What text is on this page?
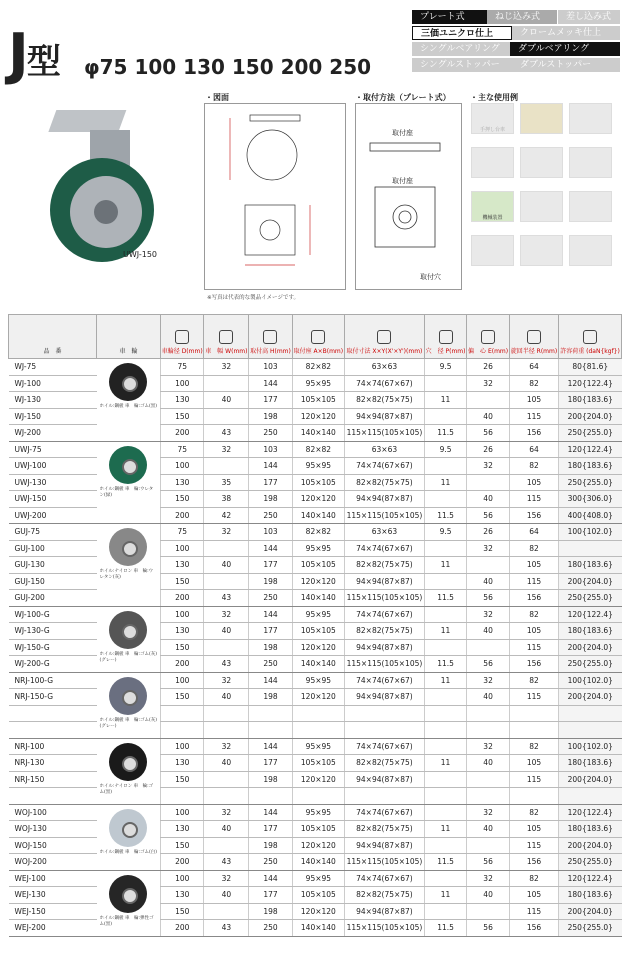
プレート式	ねじ込み式	差し込み式
三価ユニクロ仕上	クロームメッキ仕上
シングルベアリング	ダブルベアリング
シングルストッパー	ダブルストッパー
J型 φ75 100 130 150 200 250
UWJ-150
・図面	・取付方法（プレート式）
取付座
取付座
取付穴
・主な使用例
手押し台車
機械装置
※写真は代表的な製品イメージです。
品　番	車　輪	車輪径 D(mm)	車　幅 W(mm)	取付高 H(mm)	取付座 A×B(mm)	取付寸法 X×Y(X'×Y')(mm)	穴　径 P(mm)	偏　心 E(mm)	旋回半径 R(mm)	許容荷重 (daN{kgf})
WJ-75	ホイル:鋼板 車　輪:ゴム(黒)	75	32	103	82×82	63×63	9.5	26	64	80{81.6}
WJ-100		100		144	95×95	74×74(67×67)		32	82	120{122.4}
WJ-130		130	40	177	105×105	82×82(75×75)	11		105	180{183.6}
WJ-150		150		198	120×120	94×94(87×87)		40	115	200{204.0}
WJ-200		200	43	250	140×140	115×115(105×105)	11.5	56	156	250{255.0}
UWJ-75	ホイル:鋼板 車　輪:ウレタン(緑)	75	32	103	82×82	63×63	9.5	26	64	120{122.4}
UWJ-100		100		144	95×95	74×74(67×67)		32	82	180{183.6}
UWJ-130		130	35	177	105×105	82×82(75×75)	11		105	250{255.0}
UWJ-150		150	38	198	120×120	94×94(87×87)		40	115	300{306.0}
UWJ-200		200	42	250	140×140	115×115(105×105)	11.5	56	156	400{408.0}
GUJ-75	ホイル:ナイロン 車　輪:ウレタン(灰)	75	32	103	82×82	63×63	9.5	26	64	100{102.0}
GUJ-100		100		144	95×95	74×74(67×67)		32	82	
GUJ-130		130	40	177	105×105	82×82(75×75)	11		105	180{183.6}
GUJ-150		150		198	120×120	94×94(87×87)		40	115	200{204.0}
GUJ-200		200	43	250	140×140	115×115(105×105)	11.5	56	156	250{255.0}
WJ-100-G	ホイル:鋼板 車　輪:ゴム(灰)(グレー)	100	32	144	95×95	74×74(67×67)		32	82	120{122.4}
WJ-130-G		130	40	177	105×105	82×82(75×75)	11	40	105	180{183.6}
WJ-150-G		150		198	120×120	94×94(87×87)			115	200{204.0}
WJ-200-G		200	43	250	140×140	115×115(105×105)	11.5	56	156	250{255.0}
NRJ-100-G	ホイル:鋼板 車　輪:ゴム(灰)(グレー)	100	32	144	95×95	74×74(67×67)	11	32	82	100{102.0}
NRJ-150-G		150	40	198	120×120	94×94(87×87)		40	115	200{204.0}

NRJ-100	ホイル:ナイロン 車　輪:ゴム(黒)	100	32	144	95×95	74×74(67×67)		32	82	100{102.0}
NRJ-130		130	40	177	105×105	82×82(75×75)	11	40	105	180{183.6}
NRJ-150		150		198	120×120	94×94(87×87)			115	200{204.0}

WOJ-100	ホイル:鋼板 車　輪:ゴム(白)	100	32	144	95×95	74×74(67×67)		32	82	120{122.4}
WOJ-130		130	40	177	105×105	82×82(75×75)	11	40	105	180{183.6}
WOJ-150		150		198	120×120	94×94(87×87)			115	200{204.0}
WOJ-200		200	43	250	140×140	115×115(105×105)	11.5	56	156	250{255.0}
WEJ-100	ホイル:鋼板 車　輪:弾性ゴム(黒)	100	32	144	95×95	74×74(67×67)		32	82	120{122.4}
WEJ-130		130	40	177	105×105	82×82(75×75)	11	40	105	180{183.6}
WEJ-150		150		198	120×120	94×94(87×87)			115	200{204.0}
WEJ-200		200	43	250	140×140	115×115(105×105)	11.5	56	156	250{255.0}
